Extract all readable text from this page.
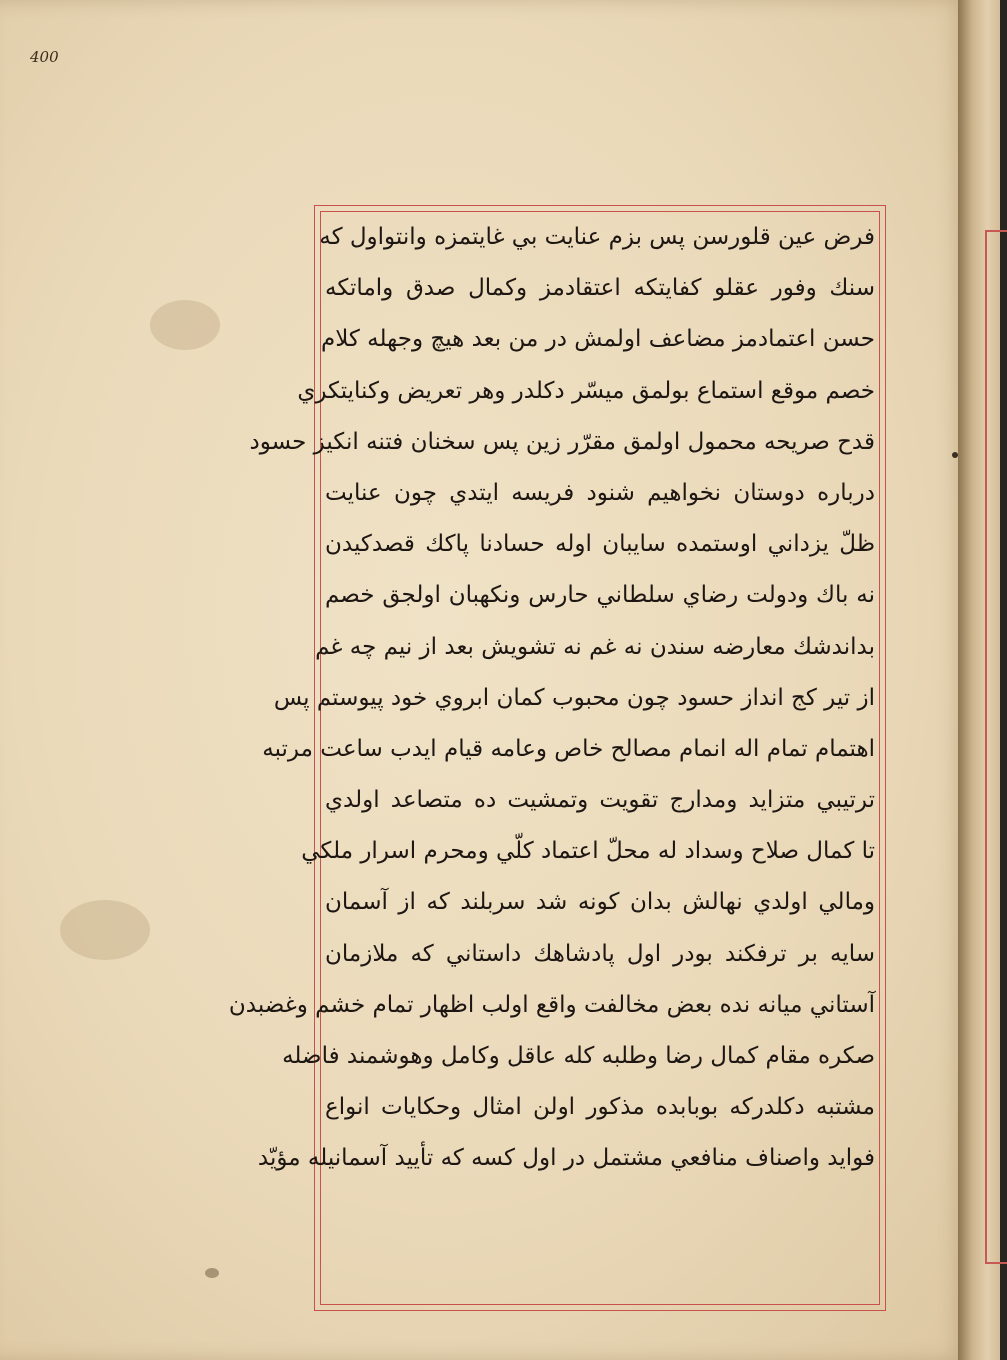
400
فرض عين قلورسن پس بزم عنايت بي غايتمزه وانتواول كه
سنك وفور عقلو كفايتكه اعتقادمز وكمال صدق واماتكه
حسن اعتمادمز مضاعف اولمش در من بعد هيچ وجهله كلام
خصم موقع استماع بولمق ميسّر دكلدر وهر تعريض وكنايتكري
قدح صريحه محمول اولمق مقرّر زين پس سخنان فتنه انكيز حسود
درباره دوستان نخواهيم شنود فريسه ايتدي چون عنايت
ظلّ يزداني اوستمده سايبان اوله حسادنا پاكك قصدكيدن
نه باك ودولت رضاي سلطاني حارس ونكهبان اولجق خصم
بداندشك معارضه سندن نه غم نه تشويش بعد از نيم چه غم
از تير كج انداز حسود چون محبوب كمان ابروي خود پيوستم پس
اهتمام تمام اله انمام مصالح خاص وعامه قيام ايدب ساعت مرتبه
ترتيبي متزايد ومدارج تقويت وتمشيت ده متصاعد اولدي
تا كمال صلاح وسداد له محلّ اعتماد كلّي ومحرم اسرار ملكي
ومالي اولدي نهالش بدان كونه شد سربلند كه از آسمان
سايه بر ترفكند بودر اول پادشاهك داستاني كه ملازمان
آستاني ميانه نده بعض مخالفت واقع اولب اظهار تمام خشم وغضبدن
صكره مقام كمال رضا وطلبه كله عاقل وكامل وهوشمند فاضله
مشتبه دكلدركه بوبابده مذكور اولن امثال وحكايات انواع
فوايد واصناف منافعي مشتمل در اول كسه كه تأييد آسمانيله مؤيّد
